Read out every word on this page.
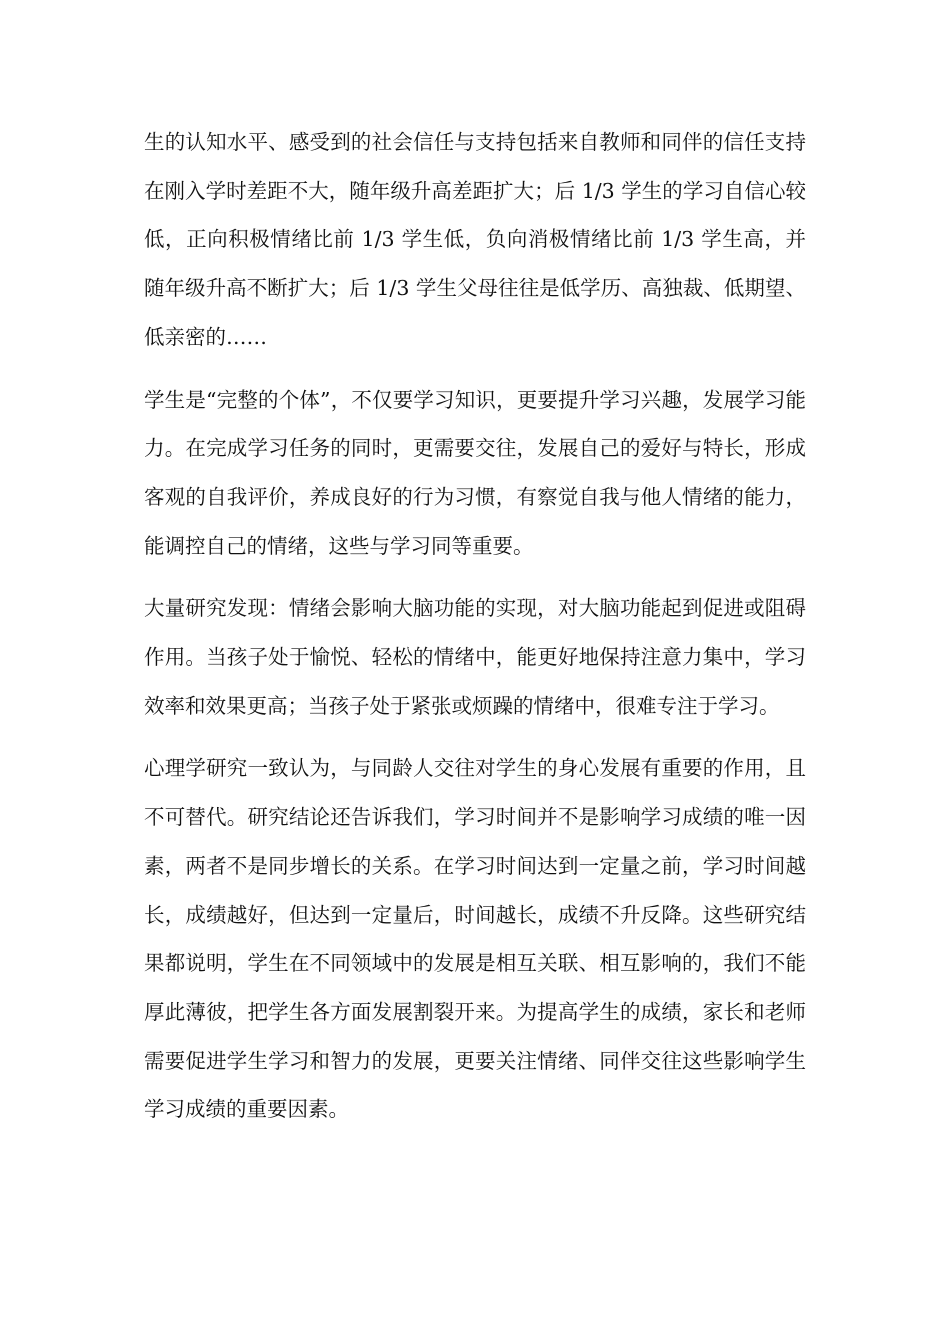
生的认知水平、感受到的社会信任与支持包括来自教师和同伴的信任支持在刚入学时差距不大，随年级升高差距扩大；后 1/3 学生的学习自信心较低，正向积极情绪比前 1/3 学生低，负向消极情绪比前 1/3 学生高，并随年级升高不断扩大；后 1/3 学生父母往往是低学历、高独裁、低期望、低亲密的……

学生是“完整的个体”，不仅要学习知识，更要提升学习兴趣，发展学习能力。在完成学习任务的同时，更需要交往，发展自己的爱好与特长，形成客观的自我评价，养成良好的行为习惯，有察觉自我与他人情绪的能力，能调控自己的情绪，这些与学习同等重要。

大量研究发现：情绪会影响大脑功能的实现，对大脑功能起到促进或阻碍作用。当孩子处于愉悦、轻松的情绪中，能更好地保持注意力集中，学习效率和效果更高；当孩子处于紧张或烦躁的情绪中，很难专注于学习。

心理学研究一致认为，与同龄人交往对学生的身心发展有重要的作用，且不可替代。研究结论还告诉我们，学习时间并不是影响学习成绩的唯一因素，两者不是同步增长的关系。在学习时间达到一定量之前，学习时间越长，成绩越好，但达到一定量后，时间越长，成绩不升反降。这些研究结果都说明，学生在不同领域中的发展是相互关联、相互影响的，我们不能厚此薄彼，把学生各方面发展割裂开来。为提高学生的成绩，家长和老师需要促进学生学习和智力的发展，更要关注情绪、同伴交往这些影响学生学习成绩的重要因素。
